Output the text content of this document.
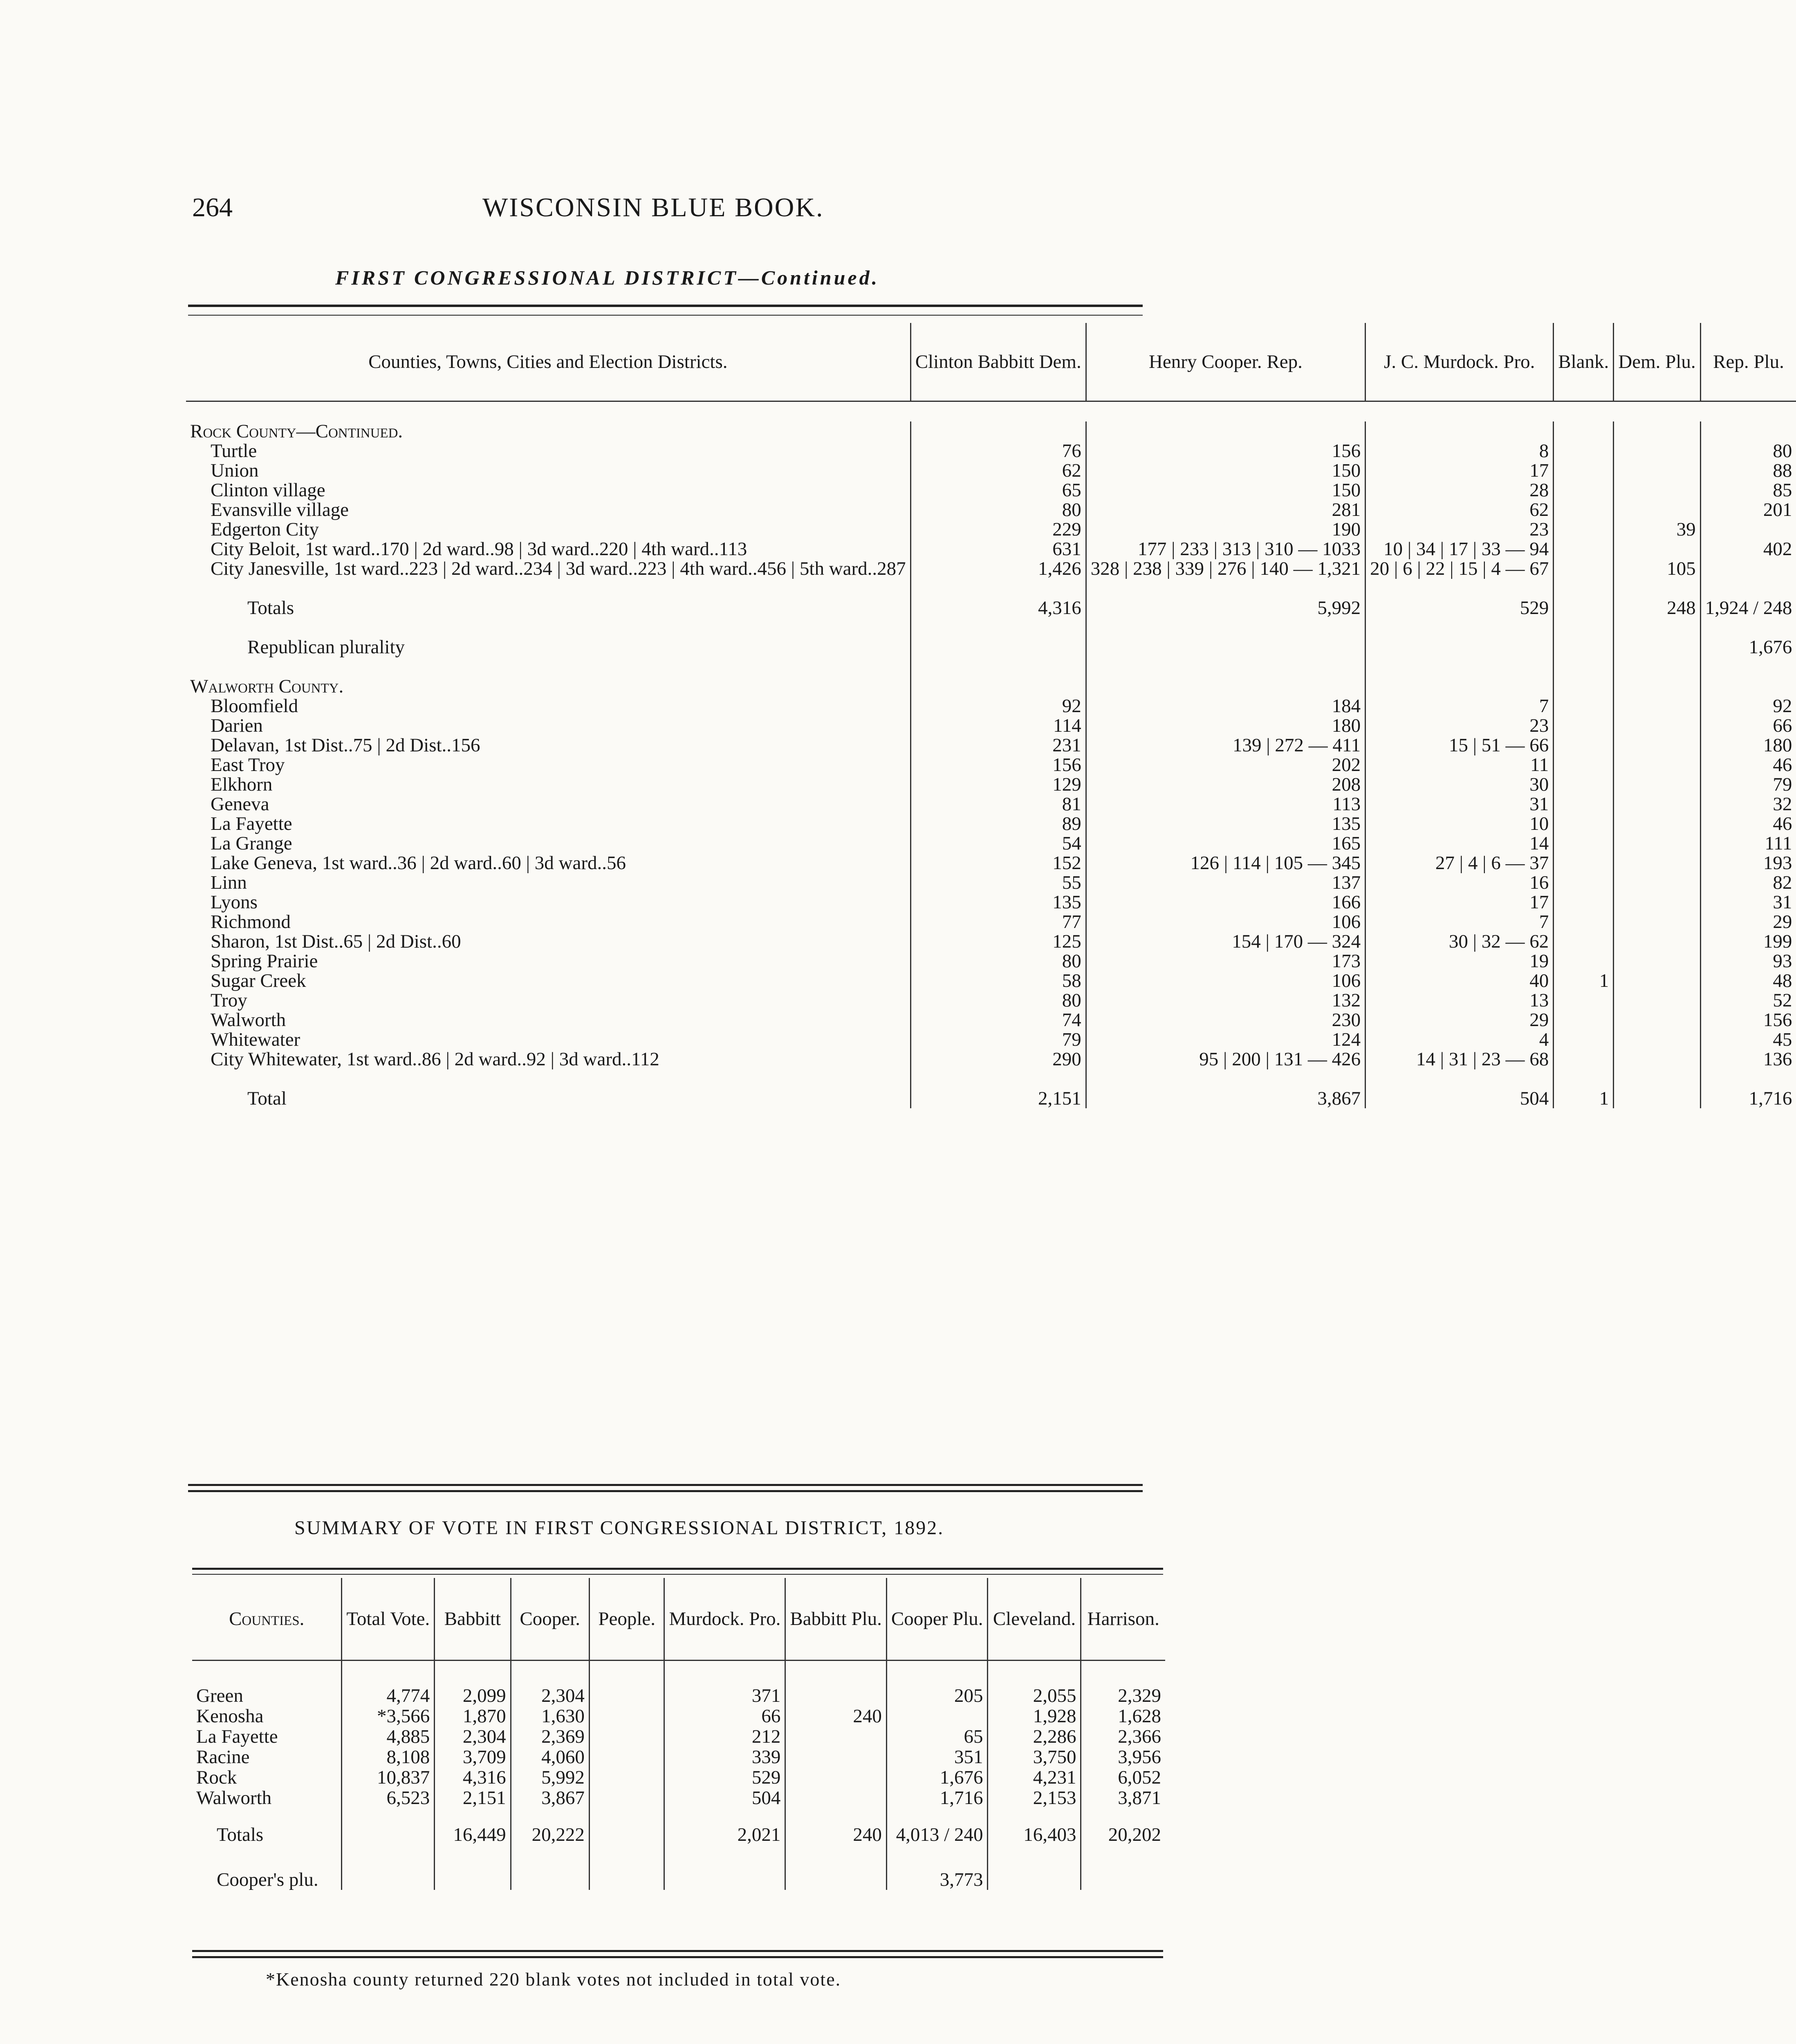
264	WISCONSIN BLUE BOOK.
FIRST CONGRESSIONAL DISTRICT—Continued.
Counties, Towns, Cities and Election Districts.	Clinton Babbitt Dem.	Henry Cooper. Rep.	J. C. Murdock. Pro.	Blank.	Dem. Plu.	Rep. Plu.

Rock County—Continued.						
Turtle	76	156	8			80
Union	62	150	17			88
Clinton village	65	150	28			85
Evansville village	80	281	62			201
Edgerton City	229	190	23		39	
City Beloit, 1st ward..170 | 2d ward..98 | 3d ward..220 | 4th ward..113	631	177 | 233 | 313 | 310 — 1033	10 | 34 | 17 | 33 — 94			402
City Janesville, 1st ward..223 | 2d ward..234 | 3d ward..223 | 4th ward..456 | 5th ward..287	1,426	328 | 238 | 339 | 276 | 140 — 1,321	20 | 6 | 22 | 15 | 4 — 67		105	

Totals	4,316	5,992	529		248	1,924 / 248

Republican plurality						1,676

Walworth County.						
Bloomfield	92	184	7			92
Darien	114	180	23			66
Delavan, 1st Dist..75 | 2d Dist..156	231	139 | 272 — 411	15 | 51 — 66			180
East Troy	156	202	11			46
Elkhorn	129	208	30			79
Geneva	81	113	31			32
La Fayette	89	135	10			46
La Grange	54	165	14			111
Lake Geneva, 1st ward..36 | 2d ward..60 | 3d ward..56	152	126 | 114 | 105 — 345	27 | 4 | 6 — 37			193
Linn	55	137	16			82
Lyons	135	166	17			31
Richmond	77	106	7			29
Sharon, 1st Dist..65 | 2d Dist..60	125	154 | 170 — 324	30 | 32 — 62			199
Spring Prairie	80	173	19			93
Sugar Creek	58	106	40	1		48
Troy	80	132	13			52
Walworth	74	230	29			156
Whitewater	79	124	4			45
City Whitewater, 1st ward..86 | 2d ward..92 | 3d ward..112	290	95 | 200 | 131 — 426	14 | 31 | 23 — 68			136

Total	2,151	3,867	504	1		1,716
SUMMARY OF VOTE IN FIRST CONGRESSIONAL DISTRICT, 1892.
Counties.	Total Vote.	Babbitt	Cooper.	People.	Murdock. Pro.	Babbitt Plu.	Cooper Plu.	Cleveland.	Harrison.

Green	4,774	2,099	2,304		371		205	2,055	2,329
Kenosha	*3,566	1,870	1,630		66	240		1,928	1,628
La Fayette	4,885	2,304	2,369		212		65	2,286	2,366
Racine	8,108	3,709	4,060		339		351	3,750	3,956
Rock	10,837	4,316	5,992		529		1,676	4,231	6,052
Walworth	6,523	2,151	3,867		504		1,716	2,153	3,871

Totals		16,449	20,222		2,021	240	4,013 / 240	16,403	20,202

Cooper's plu.							3,773		
*Kenosha county returned 220 blank votes not included in total vote.
